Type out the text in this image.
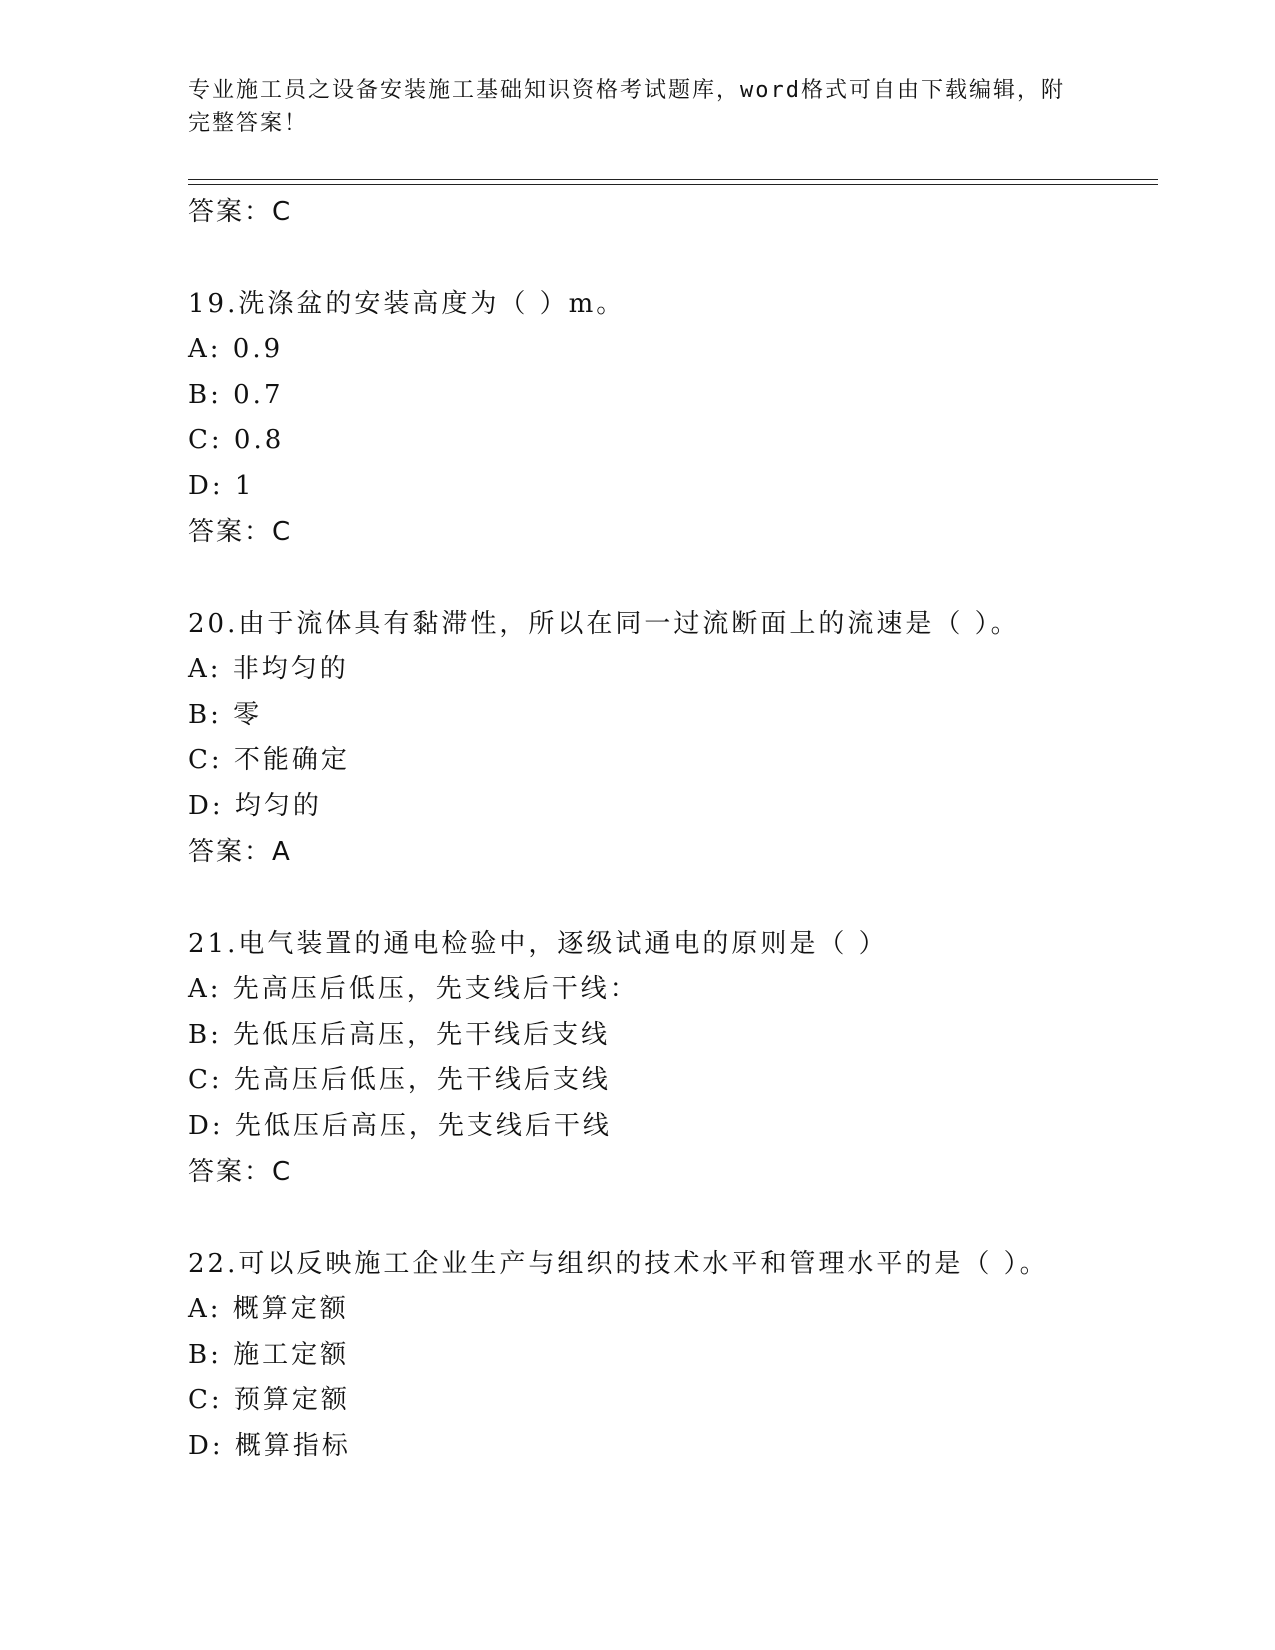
专业施工员之设备安装施工基础知识资格考试题库，word格式可自由下载编辑，附完整答案！
答案：C
19.洗涤盆的安装高度为（ ）m。
A: 0.9
B: 0.7
C: 0.8
D: 1
答案：C
20.由于流体具有黏滞性，所以在同一过流断面上的流速是（ ）。
A: 非均匀的
B: 零
C: 不能确定
D: 均匀的
答案：A
21.电气装置的通电检验中，逐级试通电的原则是（ ）
A: 先高压后低压，先支线后干线：
B: 先低压后高压，先干线后支线
C: 先高压后低压，先干线后支线
D: 先低压后高压，先支线后干线
答案：C
22.可以反映施工企业生产与组织的技术水平和管理水平的是（ ）。
A: 概算定额
B: 施工定额
C: 预算定额
D: 概算指标
